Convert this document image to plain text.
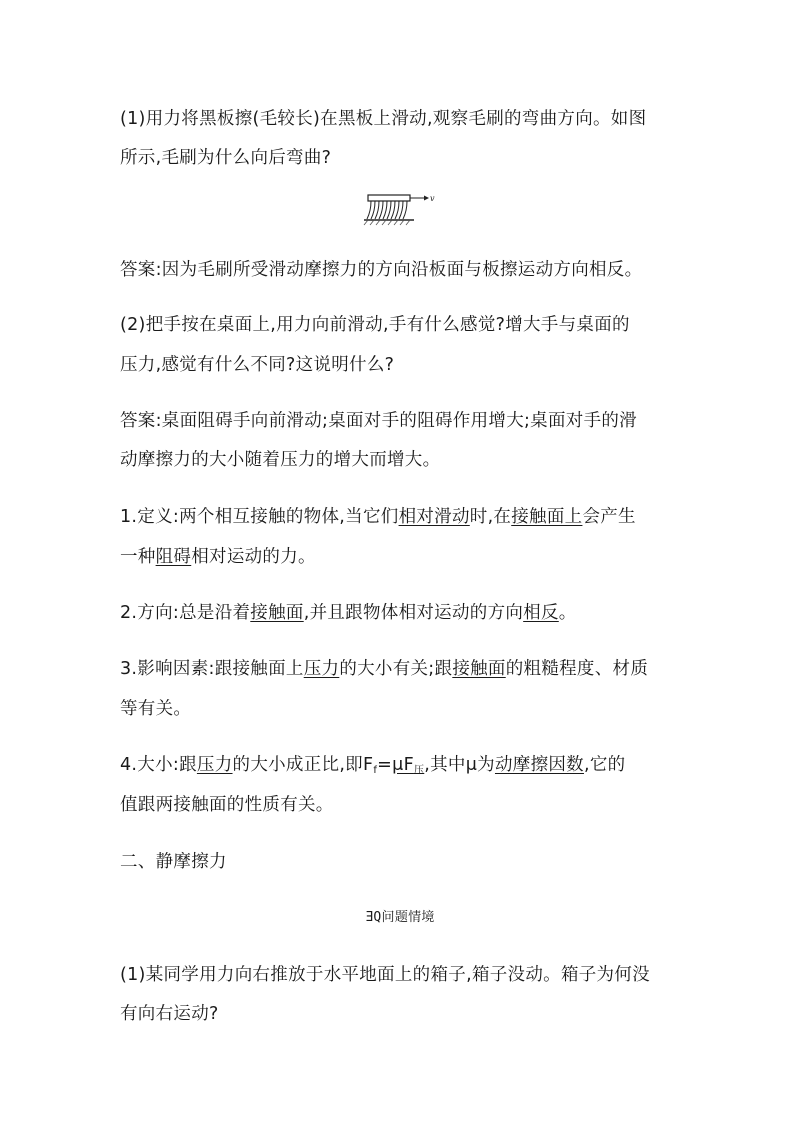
(1)用力将黑板擦(毛较长)在黑板上滑动,观察毛刷的弯曲方向。如图
所示,毛刷为什么向后弯曲?
v
答案:因为毛刷所受滑动摩擦力的方向沿板面与板擦运动方向相反。
(2)把手按在桌面上,用力向前滑动,手有什么感觉?增大手与桌面的
压力,感觉有什么不同?这说明什么?
答案:桌面阻碍手向前滑动;桌面对手的阻碍作用增大;桌面对手的滑
动摩擦力的大小随着压力的增大而增大。
1.定义:两个相互接触的物体,当它们相对滑动时,在接触面上会产生
一种阻碍相对运动的力。
2.方向:总是沿着接触面,并且跟物体相对运动的方向相反。
3.影响因素:跟接触面上压力的大小有关;跟接触面的粗糙程度、材质
等有关。
4.大小:跟压力的大小成正比,即$F_f=\mu F_压$,其中μ为动摩擦因数,它的
值跟两接触面的性质有关。
二、静摩擦力
ƎQ问题情境
(1)某同学用力向右推放于水平地面上的箱子,箱子没动。箱子为何没
有向右运动?
